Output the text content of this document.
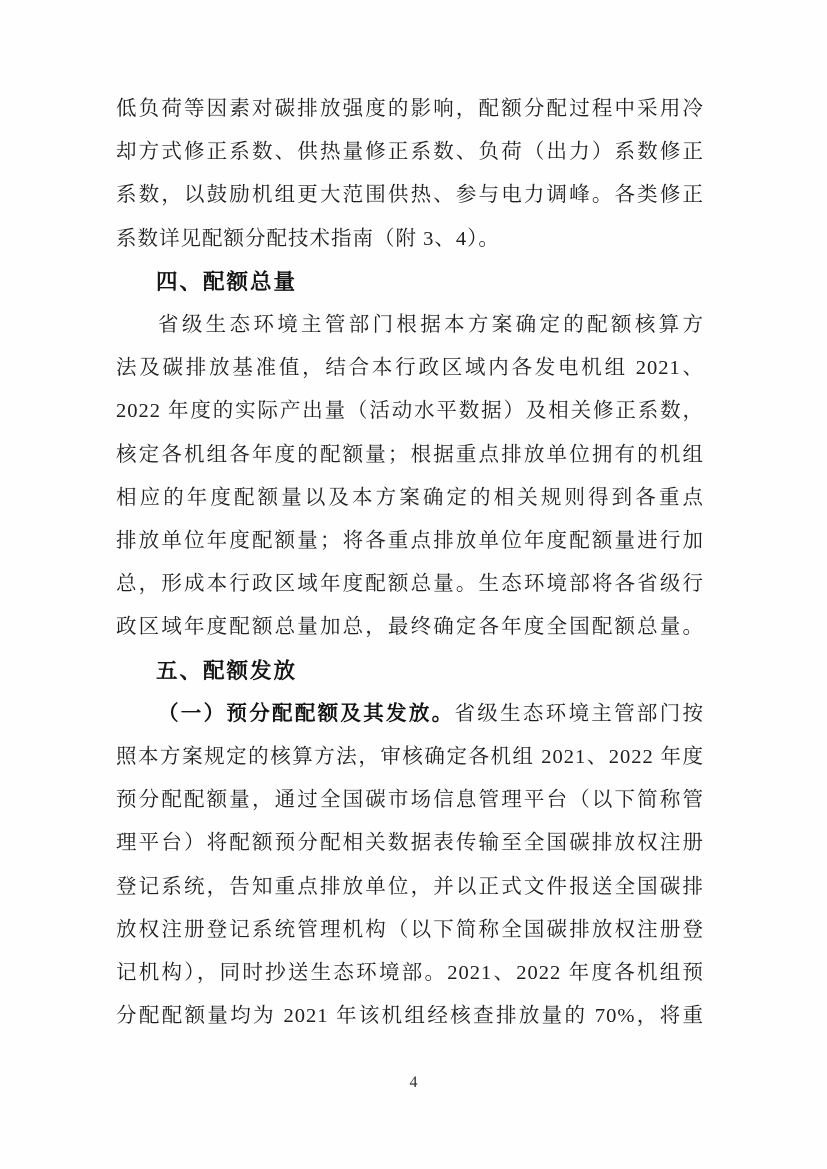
低负荷等因素对碳排放强度的影响，配额分配过程中采用冷
却方式修正系数、供热量修正系数、负荷（出力）系数修正
系数，以鼓励机组更大范围供热、参与电力调峰。各类修正
系数详见配额分配技术指南（附 3、4）。
四、配额总量
省级生态环境主管部门根据本方案确定的配额核算方
法及碳排放基准值，结合本行政区域内各发电机组 2021、
2022 年度的实际产出量（活动水平数据）及相关修正系数，
核定各机组各年度的配额量；根据重点排放单位拥有的机组
相应的年度配额量以及本方案确定的相关规则得到各重点
排放单位年度配额量；将各重点排放单位年度配额量进行加
总，形成本行政区域年度配额总量。生态环境部将各省级行
政区域年度配额总量加总，最终确定各年度全国配额总量。
五、配额发放
（一）预分配配额及其发放。省级生态环境主管部门按
照本方案规定的核算方法，审核确定各机组 2021、2022 年度
预分配配额量，通过全国碳市场信息管理平台（以下简称管
理平台）将配额预分配相关数据表传输至全国碳排放权注册
登记系统，告知重点排放单位，并以正式文件报送全国碳排
放权注册登记系统管理机构（以下简称全国碳排放权注册登
记机构），同时抄送生态环境部。2021、2022 年度各机组预
分配配额量均为 2021 年该机组经核查排放量的 70%，将重
4
